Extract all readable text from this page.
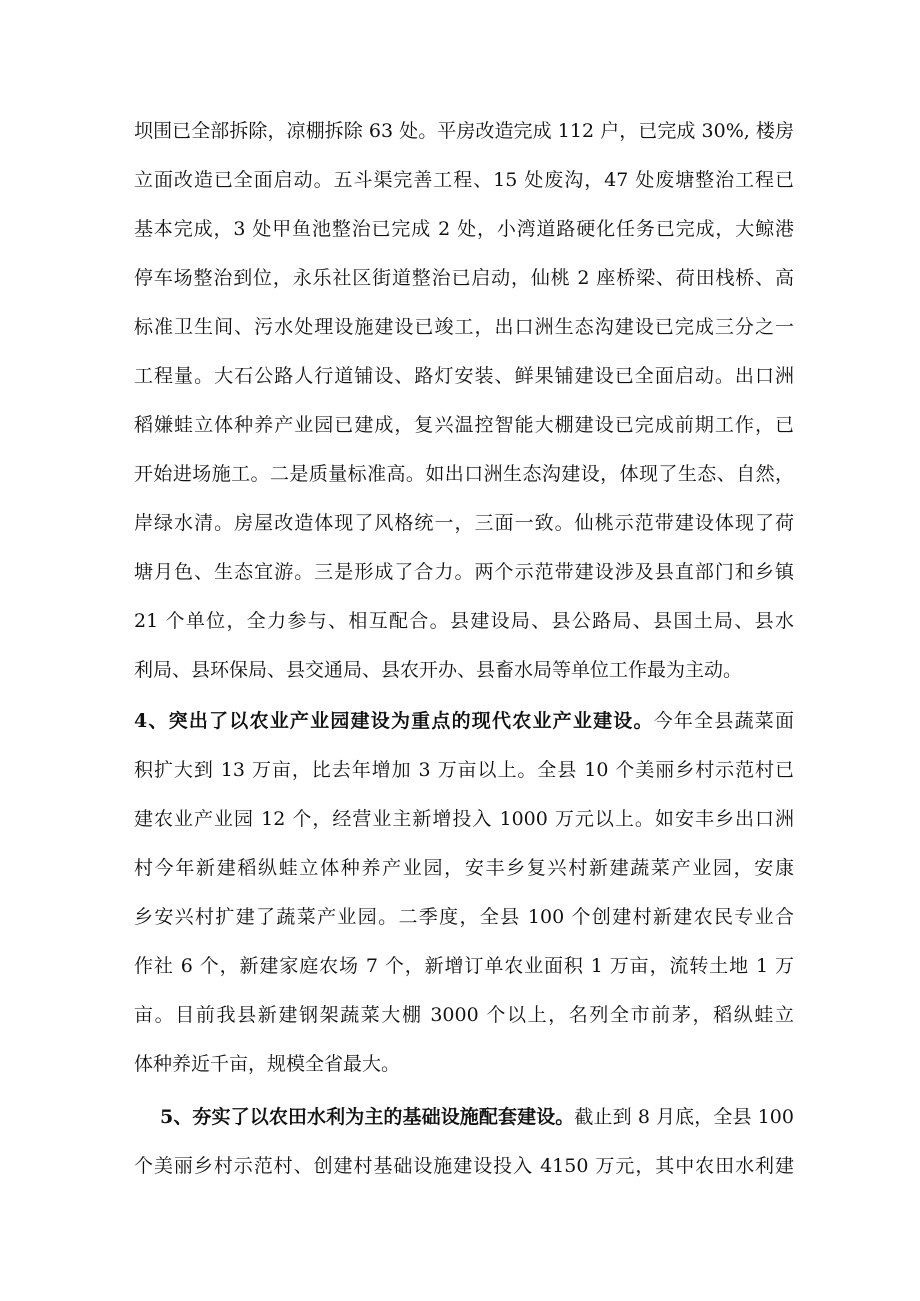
坝围已全部拆除，凉棚拆除 63 处。平房改造完成 112 户，已完成 30%, 楼房
立面改造已全面启动。五斗渠完善工程、15 处废沟，47 处废塘整治工程已
基本完成，3 处甲鱼池整治已完成 2 处，小湾道路硬化任务已完成，大鲸港
停车场整治到位，永乐社区街道整治已启动，仙桃 2 座桥梁、荷田栈桥、高
标准卫生间、污水处理设施建设已竣工，出口洲生态沟建设已完成三分之一
工程量。大石公路人行道铺设、路灯安装、鲜果铺建设已全面启动。出口洲
稻嫌蛙立体种养产业园已建成，复兴温控智能大棚建设已完成前期工作，已
开始进场施工。二是质量标准高。如出口洲生态沟建设，体现了生态、自然，
岸绿水清。房屋改造体现了风格统一，三面一致。仙桃示范带建设体现了荷
塘月色、生态宜游。三是形成了合力。两个示范带建设涉及县直部门和乡镇
21 个单位，全力参与、相互配合。县建设局、县公路局、县国土局、县水
利局、县环保局、县交通局、县农开办、县畜水局等单位工作最为主动。
4、突出了以农业产业园建设为重点的现代农业产业建设。今年全县蔬菜面
积扩大到 13 万亩，比去年增加 3 万亩以上。全县 10 个美丽乡村示范村已
建农业产业园 12 个，经营业主新增投入 1000 万元以上。如安丰乡出口洲
村今年新建稻纵蛙立体种养产业园，安丰乡复兴村新建蔬菜产业园，安康
乡安兴村扩建了蔬菜产业园。二季度，全县 100 个创建村新建农民专业合
作社 6 个，新建家庭农场 7 个，新增订单农业面积 1 万亩，流转土地 1 万
亩。目前我县新建钢架蔬菜大棚 3000 个以上，名列全市前茅，稻纵蛙立
体种养近千亩，规模全省最大。
5、夯实了以农田水利为主的基础设施配套建设。截止到 8 月底，全县 100
个美丽乡村示范村、创建村基础设施建设投入 4150 万元，其中农田水利建
